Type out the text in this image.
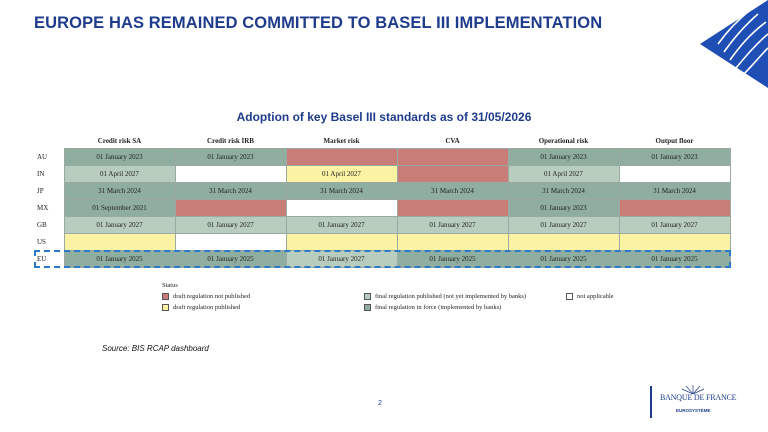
EUROPE HAS REMAINED COMMITTED TO BASEL III IMPLEMENTATION
Adoption of key Basel III standards as of 31/05/2026
	Credit risk SA	Credit risk IRB	Market risk	CVA	Operational risk	Output floor
AU	01 January 2023	01 January 2023			01 January 2023	01 January 2023
IN	01 April 2027		01 April 2027		01 April 2027	
JP	31 March 2024	31 March 2024	31 March 2024	31 March 2024	31 March 2024	31 March 2024
MX	01 September 2021				01 January 2023	
GB	01 January 2027	01 January 2027	01 January 2027	01 January 2027	01 January 2027	01 January 2027
US						
EU	01 January 2025	01 January 2025	01 January 2027	01 January 2025	01 January 2025	01 January 2025
Status
draft regulation not published
draft regulation published
final regulation published (not yet implemented by banks)
final regulation in force (implemented by banks)
not applicable
Source: BIS RCAP dashboard
2
BANQUE DE FRANCE
EUROSYSTÈME
